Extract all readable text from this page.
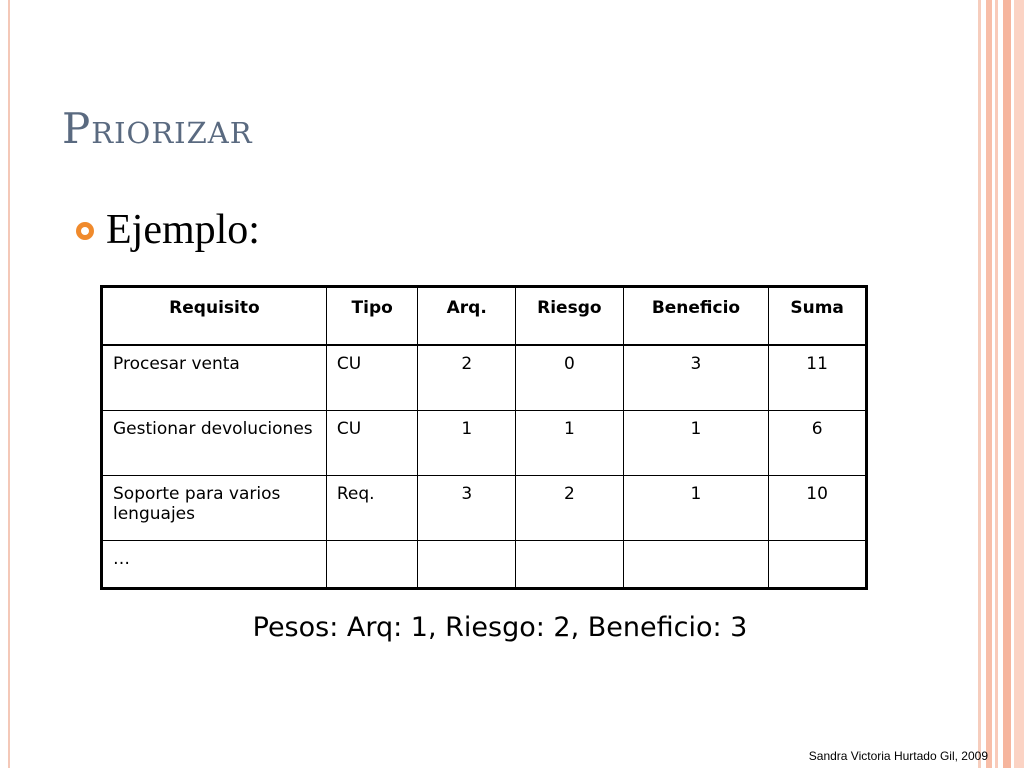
Priorizar
Ejemplo:
Requisito	Tipo	Arq.	Riesgo	Beneficio	Suma
Procesar venta	CU	2	0	3	11
Gestionar devoluciones	CU	1	1	1	6
Soporte para varios lenguajes	Req.	3	2	1	10
…					
Pesos: Arq: 1, Riesgo: 2, Beneficio: 3
Sandra Victoria Hurtado Gil, 2009
